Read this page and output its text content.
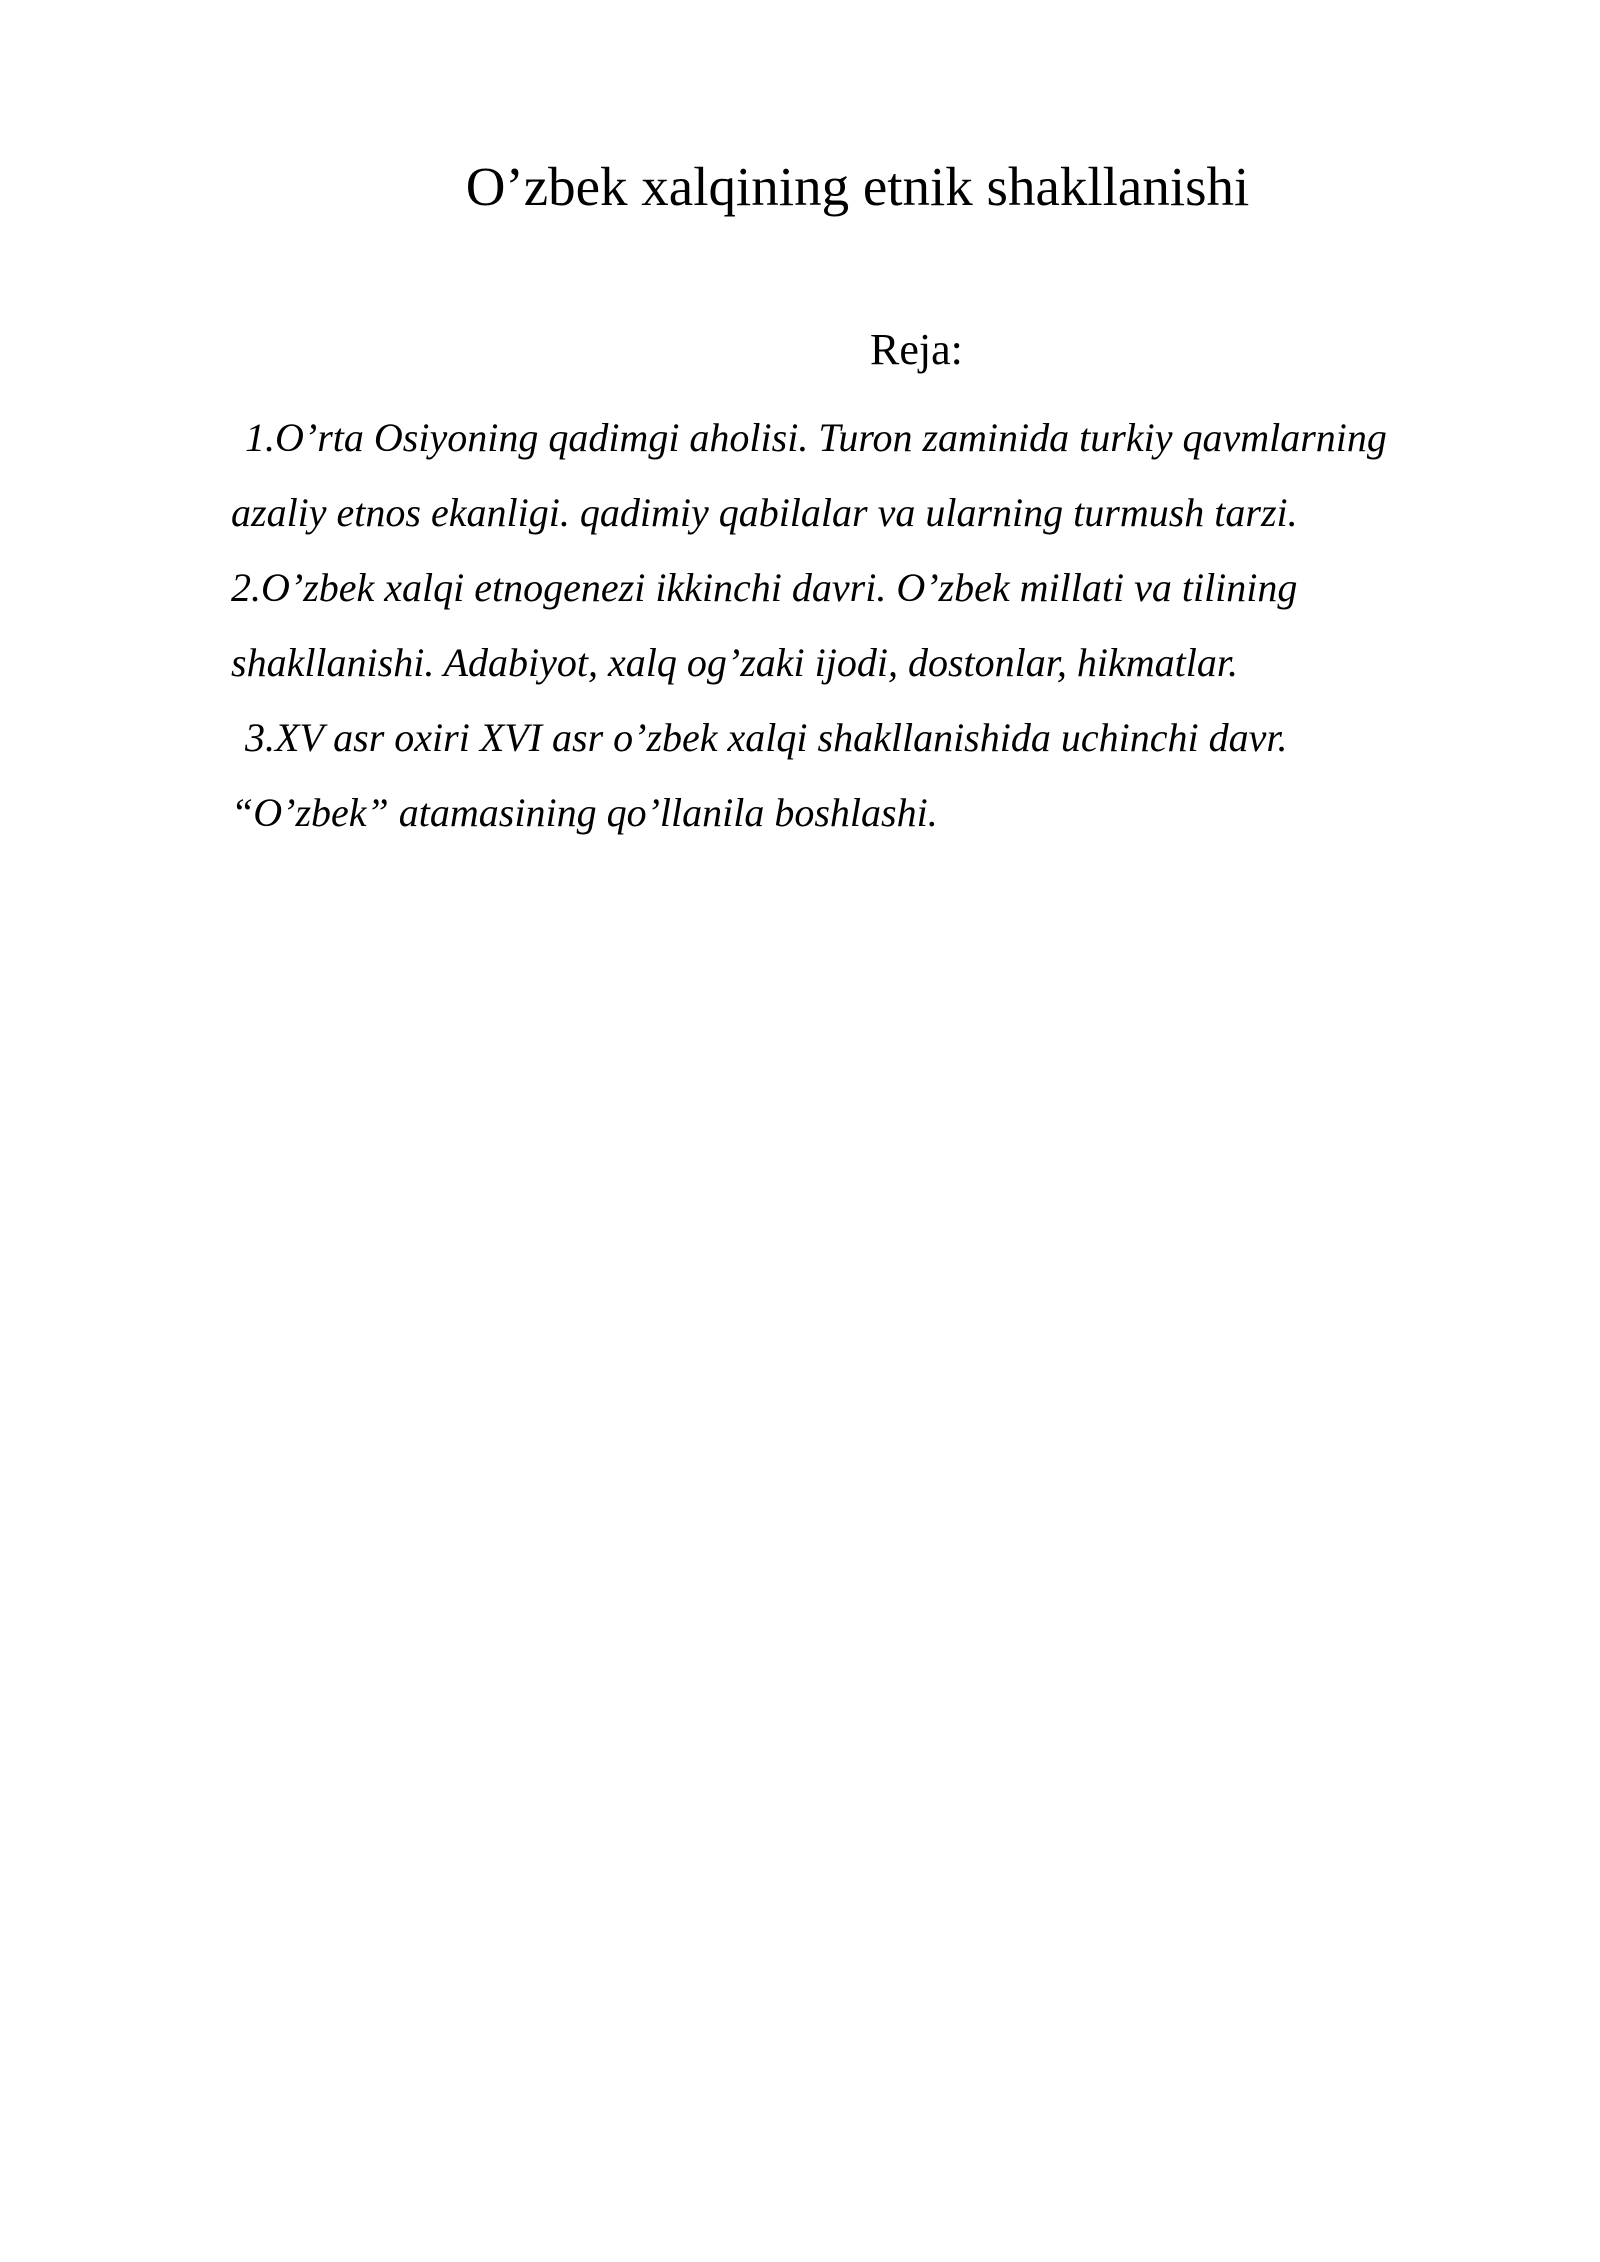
O’zbek xalqining etnik shakllanishi
Reja:
1.O’rta Osiyoning qadimgi aholisi. Turon zaminida turkiy qavmlarning
azaliy etnos ekanligi. qadimiy qabilalar va ularning turmush tarzi.
2.O’zbek xalqi etnogenezi ikkinchi davri. O’zbek millati va tilining
shakllanishi. Adabiyot, xalq og’zaki ijodi, dostonlar, hikmatlar.
3.XV asr oxiri XVI asr o’zbek xalqi shakllanishida uchinchi davr.
“O’zbek” atamasining qo’llanila boshlashi.
